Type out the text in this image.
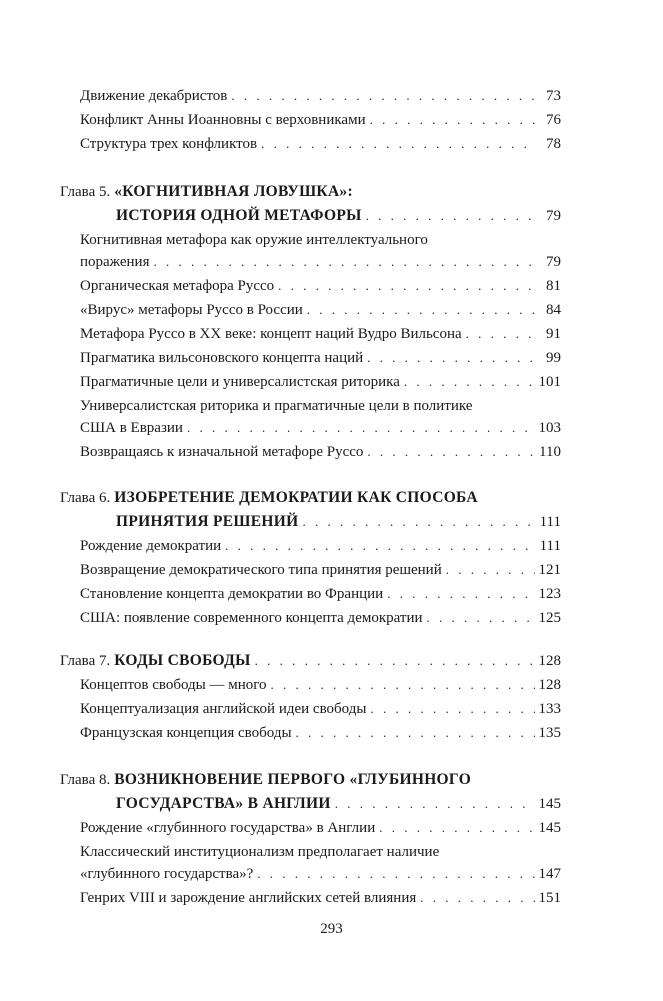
Движение декабристов . . .	73
Конфликт Анны Иоанновны с верховниками . . .	76
Структура трех конфликтов . . .	78
Глава 5. «КОГНИТИВНАЯ ЛОВУШКА»:
ИСТОРИЯ ОДНОЙ МЕТАФОРЫ . . .	79
Когнитивная метафора как оружие интеллектуального
поражения . . .	79
Органическая метафора Руссо . . .	81
«Вирус» метафоры Руссо в России . . .	84
Метафора Руссо в XX веке: концепт наций Вудро Вильсона . . .	91
Прагматика вильсоновского концепта наций . . .	99
Прагматичные цели и универсалистская риторика . . .	101
Универсалистская риторика и прагматичные цели в политике
США в Евразии . . .	103
Возвращаясь к изначальной метафоре Руссо . . .	110
Глава 6. ИЗОБРЕТЕНИЕ ДЕМОКРАТИИ КАК СПОСОБА
ПРИНЯТИЯ РЕШЕНИЙ . . .	111
Рождение демократии . . .	111
Возвращение демократического типа принятия решений . . .	121
Становление концепта демократии во Франции . . .	123
США: появление современного концепта демократии . . .	125
Глава 7. КОДЫ СВОБОДЫ . . .	128
Концептов свободы — много . . .	128
Концептуализация английской идеи свободы . . .	133
Французская концепция свободы . . .	135
Глава 8. ВОЗНИКНОВЕНИЕ ПЕРВОГО «ГЛУБИННОГО
ГОСУДАРСТВА» В АНГЛИИ . . .	145
Рождение «глубинного государства» в Англии . . .	145
Классический институционализм предполагает наличие
«глубинного государства»? . . .	147
Генрих VIII и зарождение английских сетей влияния . . .	151
293
